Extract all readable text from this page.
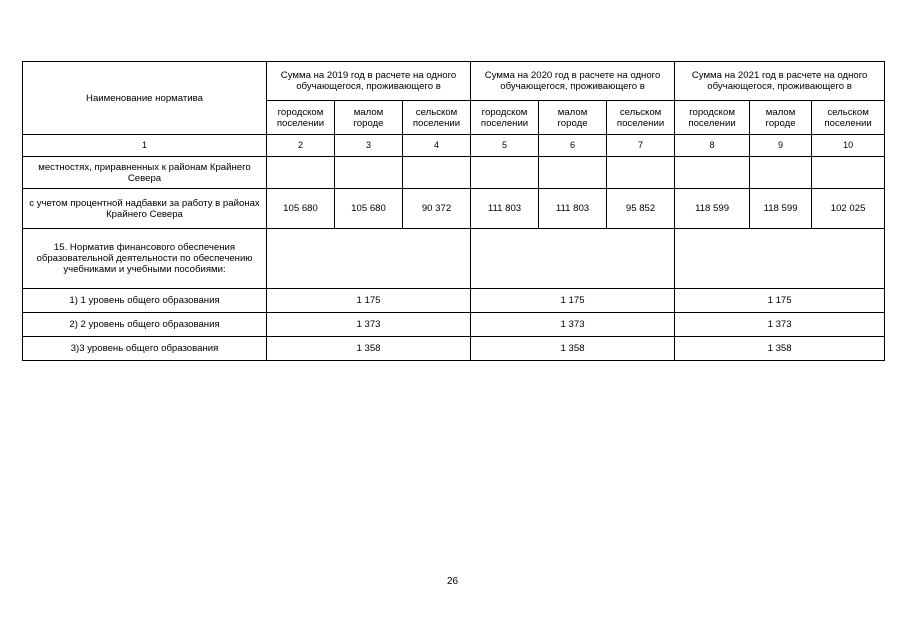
Наименование норматива	Сумма на 2019 год в расчете на одного обучающегося, проживающего в			Сумма на 2020 год в расчете на одного обучающегося, проживающего в			Сумма на 2021 год в расчете на одного обучающегося, проживающего в		
	городском поселении	малом городе	сельском поселении	городском поселении	малом городе	сельском поселении	городском поселении	малом городе	сельском поселении
1	2	3	4	5	6	7	8	9	10
местностях, приравненных к районам Крайнего Севера									
с учетом процентной надбавки за работу в районах Крайнего Севера	105 680	105 680	90 372	111 803	111 803	95 852	118 599	118 599	102 025
15. Норматив финансового обеспечения образовательной деятельности по обеспечению учебниками и учебными пособиями:									
1) 1 уровень общего образования	1 175			1 175			1 175		
2) 2 уровень общего образования	1 373			1 373			1 373		
3)3 уровень общего образования	1 358			1 358			1 358		
26
